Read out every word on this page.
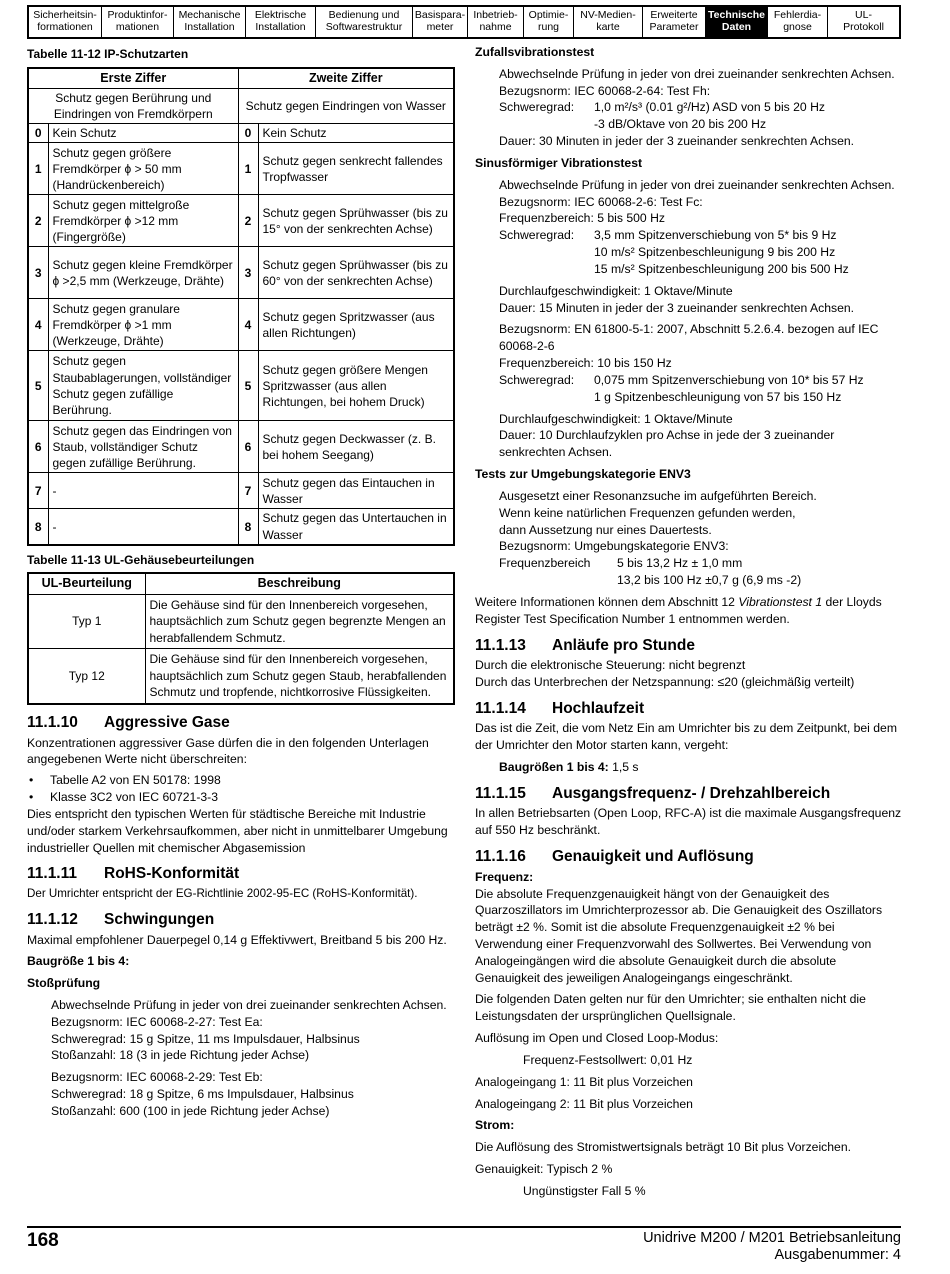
Sicherheitsin-
formationen
Produktinfor-
mationen
Mechanische
Installation
Elektrische
Installation
Bedienung und
Softwarestruktur
Basispara-
meter
Inbetrieb-
nahme
Optimie-
rung
NV-Medien-
karte
Erweiterte
Parameter
Technische
Daten
Fehlerdia-
gnose
UL-
Protokoll
Tabelle 11-12 IP-Schutzarten
Erste Ziffer		Zweite Ziffer	
Schutz gegen Berührung und Eindringen von Fremdkörpern		Schutz gegen Eindringen von Wasser	
0	Kein Schutz	0	Kein Schutz
1	Schutz gegen größere Fremdkörper ϕ > 50 mm (Handrückenbereich)	1	Schutz gegen senkrecht fallendes Tropfwasser
2	Schutz gegen mittelgroße Fremdkörper ϕ >12 mm (Fingergröße)	2	Schutz gegen Sprühwasser (bis zu 15° von der senkrechten Achse)
3	Schutz gegen kleine Fremdkörper ϕ >2,5 mm (Werkzeuge, Drähte)	3	Schutz gegen Sprühwasser (bis zu 60° von der senkrechten Achse)
4	Schutz gegen granulare Fremdkörper ϕ >1 mm (Werkzeuge, Drähte)	4	Schutz gegen Spritzwasser (aus allen Richtungen)
5	Schutz gegen Staubablagerungen, vollständiger Schutz gegen zufällige Berührung.	5	Schutz gegen größere Mengen Spritzwasser (aus allen Richtungen, bei hohem Druck)
6	Schutz gegen das Eindringen von Staub, vollständiger Schutz gegen zufällige Berührung.	6	Schutz gegen Deckwasser (z. B. bei hohem Seegang)
7	-	7	Schutz gegen das Eintauchen in Wasser
8	-	8	Schutz gegen das Untertauchen in Wasser
Tabelle 11-13 UL-Gehäusebeurteilungen
UL-Beurteilung	Beschreibung
Typ 1	Die Gehäuse sind für den Innenbereich vorgesehen, hauptsächlich zum Schutz gegen begrenzte Mengen an herabfallendem Schmutz.
Typ 12	Die Gehäuse sind für den Innenbereich vorgesehen, hauptsächlich zum Schutz gegen Staub, herabfallenden Schmutz und tropfende, nichtkorrosive Flüssigkeiten.
11.1.10 Aggressive Gase

Konzentrationen aggressiver Gase dürfen die in den folgenden Unterlagen angegebenen Werte nicht überschreiten:

• Tabelle A2 von EN 50178: 1998
• Klasse 3C2 von IEC 60721-3-3

Dies entspricht den typischen Werten für städtische Bereiche mit Industrie und/oder starkem Verkehrsaufkommen, aber nicht in unmittelbarer Umgebung industrieller Quellen mit chemischer Abgasemission

11.1.11 RoHS-Konformität

Der Umrichter entspricht der EG-Richtlinie 2002-95-EC (RoHS-Konformität).

11.1.12 Schwingungen

Maximal empfohlener Dauerpegel 0,14 g Effektivwert, Breitband 5 bis 200 Hz.

Baugröße 1 bis 4:

Stoßprüfung

Abwechselnde Prüfung in jeder von drei zueinander senkrechten Achsen.

Bezugsnorm: IEC 60068-2-27: Test Ea:

Schweregrad: 15 g Spitze, 11 ms Impulsdauer, Halbsinus

Stoßanzahl: 18 (3 in jede Richtung jeder Achse)

Bezugsnorm: IEC 60068-2-29: Test Eb:

Schweregrad: 18 g Spitze, 6 ms Impulsdauer, Halbsinus

Stoßanzahl: 600 (100 in jede Richtung jeder Achse)

Zufallsvibrationstest

Abwechselnde Prüfung in jeder von drei zueinander senkrechten Achsen.

Bezugsnorm: IEC 60068-2-64: Test Fh:

Schweregrad:	1,0 m²/s³ (0.01 g²/Hz) ASD von 5 bis 20 Hz
-3 dB/Oktave von 20 bis 200 Hz

Dauer: 30 Minuten in jeder der 3 zueinander senkrechten Achsen.

Sinusförmiger Vibrationstest

Abwechselnde Prüfung in jeder von drei zueinander senkrechten Achsen.

Bezugsnorm: IEC 60068-2-6: Test Fc:

Frequenzbereich: 5 bis 500 Hz

Schweregrad:	3,5 mm Spitzenverschiebung von 5* bis 9 Hz
10 m/s² Spitzenbeschleunigung 9 bis 200 Hz
15 m/s² Spitzenbeschleunigung 200 bis 500 Hz

Durchlaufgeschwindigkeit: 1 Oktave/Minute

Dauer: 15 Minuten in jeder der 3 zueinander senkrechten Achsen.

Bezugsnorm: EN 61800-5-1: 2007, Abschnitt 5.2.6.4. bezogen auf IEC 60068-2-6

Frequenzbereich: 10 bis 150 Hz

Schweregrad:	0,075 mm Spitzenverschiebung von 10* bis 57 Hz
1 g Spitzenbeschleunigung von 57 bis 150 Hz

Durchlaufgeschwindigkeit: 1 Oktave/Minute

Dauer: 10 Durchlaufzyklen pro Achse in jede der 3 zueinander senkrechten Achsen.

Tests zur Umgebungskategorie ENV3

Ausgesetzt einer Resonanzsuche im aufgeführten Bereich.

Wenn keine natürlichen Frequenzen gefunden werden,

dann Aussetzung nur eines Dauertests.

Bezugsnorm: Umgebungskategorie ENV3:

Frequenzbereich	5 bis 13,2 Hz ± 1,0 mm
13,2 bis 100 Hz ±0,7 g (6,9 ms -2)

Weitere Informationen können dem Abschnitt 12 Vibrationstest 1 der Lloyds Register Test Specification Number 1 entnommen werden.

11.1.13 Anläufe pro Stunde

Durch die elektronische Steuerung: nicht begrenzt

Durch das Unterbrechen der Netzspannung: ≤20 (gleichmäßig verteilt)

11.1.14 Hochlaufzeit

Das ist die Zeit, die vom Netz Ein am Umrichter bis zu dem Zeitpunkt, bei dem der Umrichter den Motor starten kann, vergeht:

Baugrößen 1 bis 4: 1,5 s

11.1.15 Ausgangsfrequenz- / Drehzahlbereich

In allen Betriebsarten (Open Loop, RFC-A) ist die maximale Ausgangsfrequenz auf 550 Hz beschränkt.

11.1.16 Genauigkeit und Auflösung

Frequenz:

Die absolute Frequenzgenauigkeit hängt von der Genauigkeit des Quarzoszillators im Umrichterprozessor ab. Die Genauigkeit des Oszillators beträgt ±2 %. Somit ist die absolute Frequenzgenauigkeit ±2 % bei Verwendung einer Frequenzvorwahl des Sollwertes. Bei Verwendung von Analogeingängen wird die absolute Genauigkeit durch die absolute Genauigkeit des jeweiligen Analogeingangs eingeschränkt.

Die folgenden Daten gelten nur für den Umrichter; sie enthalten nicht die Leistungsdaten der ursprünglichen Quellsignale.

Auflösung im Open und Closed Loop-Modus:

Frequenz-Festsollwert: 0,01 Hz

Analogeingang 1: 11 Bit plus Vorzeichen

Analogeingang 2: 11 Bit plus Vorzeichen

Strom:

Die Auflösung des Stromistwertsignals beträgt 10 Bit plus Vorzeichen.

Genauigkeit: Typisch 2 %

Ungünstigster Fall 5 %

168	Unidrive M200 / M201 Betriebsanleitung
Ausgabenummer: 4
